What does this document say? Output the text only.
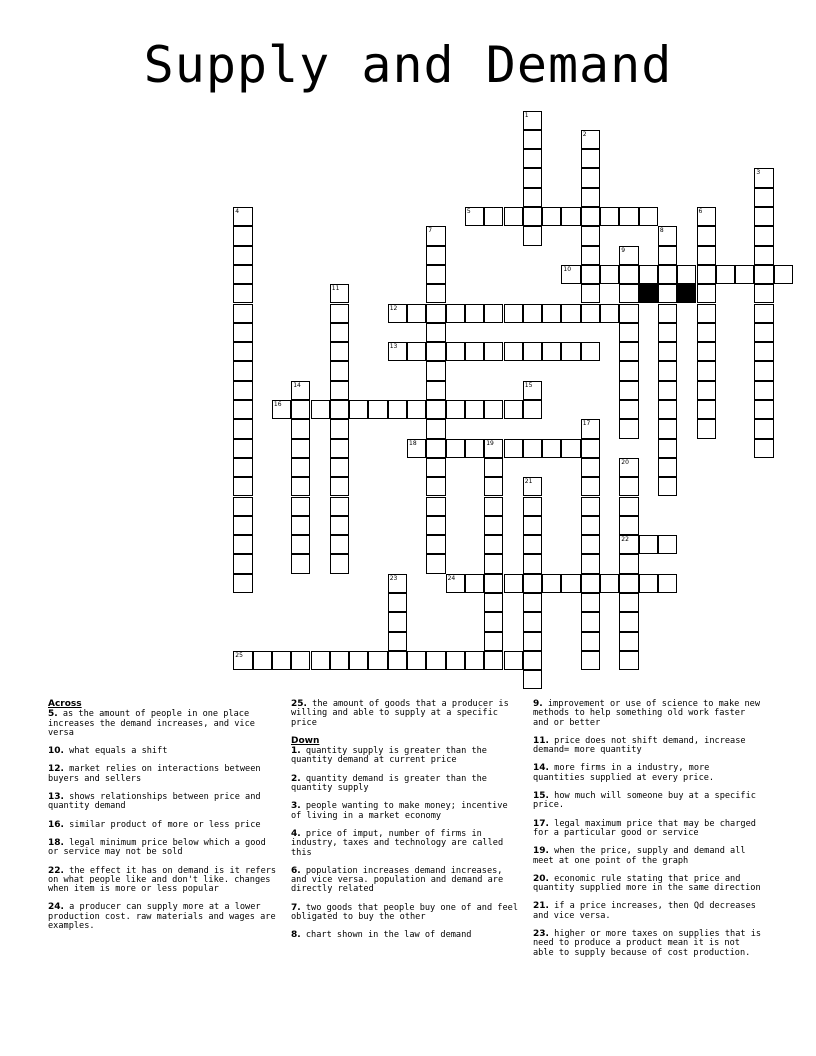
Supply and Demand
1
2
3
4	5	6
7	8
9
10
11
12
13
14	15
16
17
18	19
20
22
21
23	24
25
Across
5. as the amount of people in one place increases the demand increases, and vice versa
10. what equals a shift
12. market relies on interactions between buyers and sellers
13. shows relationships between price and quantity demand
16. similar product of more or less price
18. legal minimum price below which a good or service may not be sold
22. the effect it has on demand is it refers on what people like and don't like. changes when item is more or less popular
24. a producer can supply more at a lower production cost. raw materials and wages are examples.
25. the amount of goods that a producer is willing and able to supply at a specific price
Down
1. quantity supply is greater than the quantity demand at current price
2. quantity demand is greater than the quantity supply
3. people wanting to make money; incentive of living in a market economy
4. price of imput, number of firms in industry, taxes and technology are called this
6. population increases demand increases, and vice versa. population and demand are directly related
7. two goods that people buy one of and feel obligated to buy the other
8. chart shown in the law of demand
9. improvement or use of science to make new methods to help something old work faster and or better
11. price does not shift demand, increase demand= more quantity
14. more firms in a industry, more quantities supplied at every price.
15. how much will someone buy at a specific price.
17. legal maximum price that may be charged for a particular good or service
19. when the price, supply and demand all meet at one point of the graph
20. economic rule stating that price and quantity supplied more in the same direction
21. if a price increases, then Qd decreases and vice versa.
23. higher or more taxes on supplies that is need to produce a product mean it is not able to supply because of cost production.
